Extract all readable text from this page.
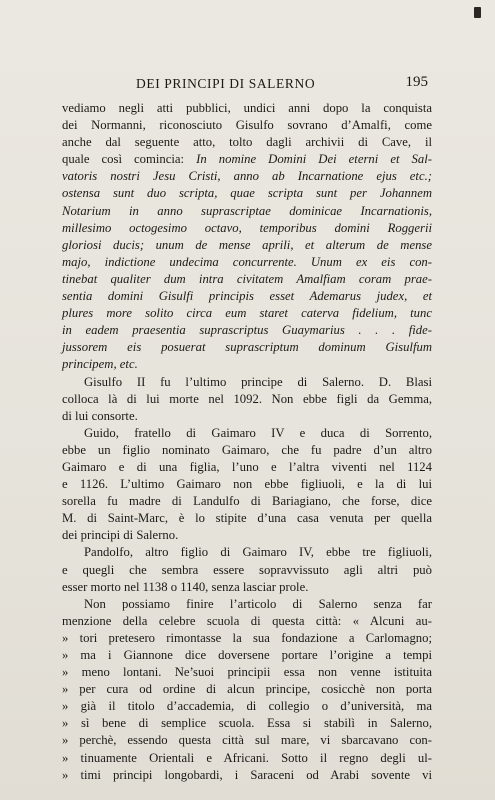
DEI PRINCIPI DI SALERNO	195

vediamo negli atti pubblici, undici anni dopo la conquista
dei Normanni, riconosciuto Gisulfo sovrano d’Amalfi, come
anche dal seguente atto, tolto dagli archivii di Cave, il
quale così comincia: In nomine Domini Dei eterni et Sal-
vatoris nostri Jesu Cristi, anno ab Incarnatione ejus etc.;
ostensa sunt duo scripta, quae scripta sunt per Johannem
Notarium in anno suprascriptae dominicae Incarnationis,
millesimo octogesimo octavo, temporibus domini Roggerii
gloriosi ducis; unum de mense aprili, et alterum de mense
majo, indictione undecima concurrente. Unum ex eis con-
tinebat qualiter dum intra civitatem Amalfiam coram prae-
sentia domini Gisulfi principis esset Ademarus judex, et
plures more solito circa eum staret caterva fidelium, tunc
in eadem praesentia suprascriptus Guaymarius . . . fide-
jussorem eis posuerat suprascriptum dominum Gisulfum
principem, etc.

Gisulfo II fu l’ultimo principe di Salerno. D. Blasi
colloca là di lui morte nel 1092. Non ebbe figli da Gemma,
di lui consorte.

Guido, fratello di Gaimaro IV e duca di Sorrento,
ebbe un figlio nominato Gaimaro, che fu padre d’un altro
Gaimaro e di una figlia, l’uno e l’altra viventi nel 1124
e 1126. L’ultimo Gaimaro non ebbe figliuoli, e la di lui
sorella fu madre di Landulfo di Bariagiano, che forse, dice
M. di Saint-Marc, è lo stipite d’una casa venuta per quella
dei principi di Salerno.

Pandolfo, altro figlio di Gaimaro IV, ebbe tre figliuoli,
e quegli che sembra essere sopravvissuto agli altri può
esser morto nel 1138 o 1140, senza lasciar prole.

Non possiamo finire l’articolo di Salerno senza far
menzione della celebre scuola di questa città: « Alcuni au-
» tori pretesero rimontasse la sua fondazione a Carlomagno;
» ma i Giannone dice doversene portare l’origine a tempi
» meno lontani. Ne’suoi principii essa non venne istituita
» per cura od ordine di alcun principe, cosicchè non porta
» già il titolo d’accademia, di collegio o d’università, ma
» sì bene di semplice scuola. Essa si stabilì in Salerno,
» perchè, essendo questa città sul mare, vi sbarcavano con-
» tinuamente Orientali e Africani. Sotto il regno degli ul-
» timi principi longobardi, i Saraceni od Arabi sovente vi
